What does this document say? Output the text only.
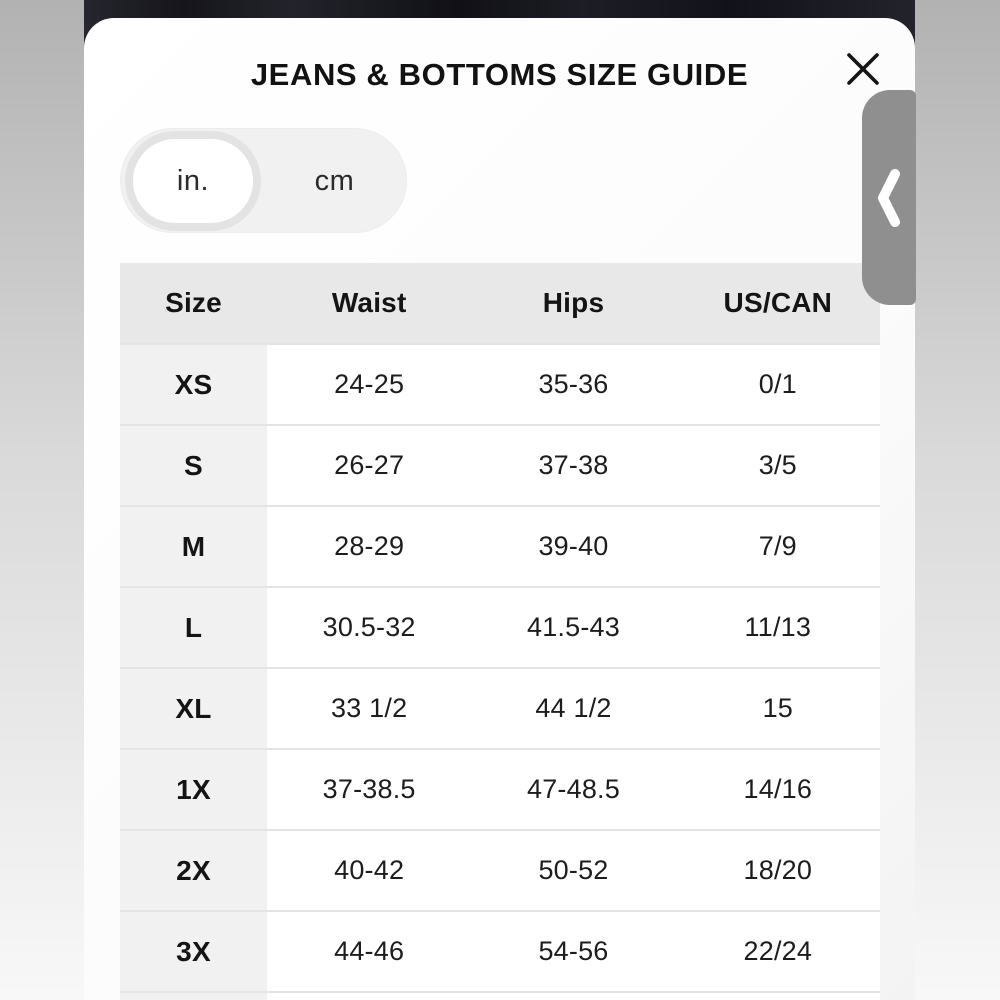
JEANS & BOTTOMS SIZE GUIDE
in.	cm
Size	Waist	Hips	US/CAN
XS	24-25	35-36	0/1
S	26-27	37-38	3/5
M	28-29	39-40	7/9
L	30.5-32	41.5-43	11/13
XL	33 1/2	44 1/2	15
1X	37-38.5	47-48.5	14/16
2X	40-42	50-52	18/20
3X	44-46	54-56	22/24
